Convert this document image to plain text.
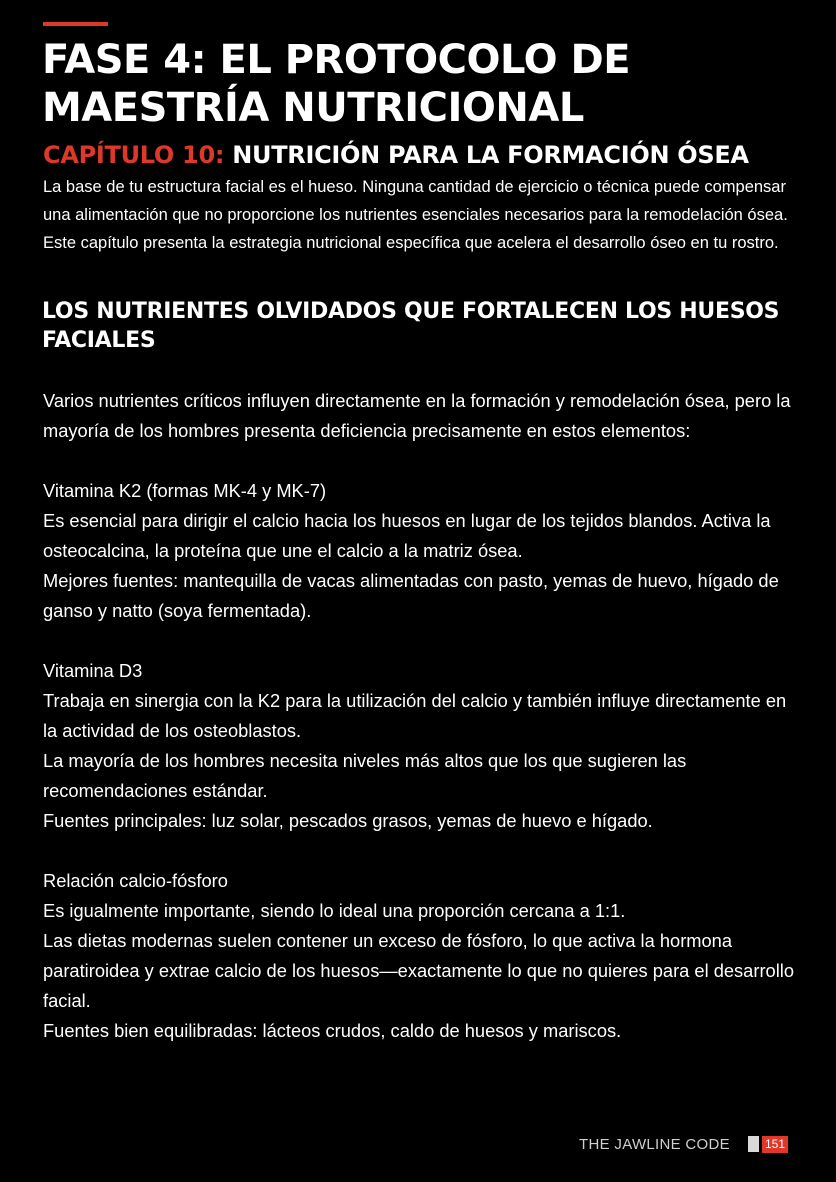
FASE 4: EL PROTOCOLO DE
MAESTRÍA NUTRICIONAL
CAPÍTULO 10: NUTRICIÓN PARA LA FORMACIÓN ÓSEA

La base de tu estructura facial es el hueso. Ninguna cantidad de ejercicio o técnica puede compensar una alimentación que no proporcione los nutrientes esenciales necesarios para la remodelación ósea. Este capítulo presenta la estrategia nutricional específica que acelera el desarrollo óseo en tu rostro.

LOS NUTRIENTES OLVIDADOS QUE FORTALECEN LOS HUESOS FACIALES

Varios nutrientes críticos influyen directamente en la formación y remodelación ósea, pero la mayoría de los hombres presenta deficiencia precisamente en estos elementos:

Vitamina K2 (formas MK-4 y MK-7)

Es esencial para dirigir el calcio hacia los huesos en lugar de los tejidos blandos. Activa la osteocalcina, la proteína que une el calcio a la matriz ósea.

Mejores fuentes: mantequilla de vacas alimentadas con pasto, yemas de huevo, hígado de ganso y natto (soya fermentada).

Vitamina D3

Trabaja en sinergia con la K2 para la utilización del calcio y también influye directamente en la actividad de los osteoblastos.

La mayoría de los hombres necesita niveles más altos que los que sugieren las recomendaciones estándar.

Fuentes principales: luz solar, pescados grasos, yemas de huevo e hígado.

Relación calcio-fósforo

Es igualmente importante, siendo lo ideal una proporción cercana a 1:1.

Las dietas modernas suelen contener un exceso de fósforo, lo que activa la hormona paratiroidea y extrae calcio de los huesos—exactamente lo que no quieres para el desarrollo facial.

Fuentes bien equilibradas: lácteos crudos, caldo de huesos y mariscos.

THE JAWLINE CODE	151
